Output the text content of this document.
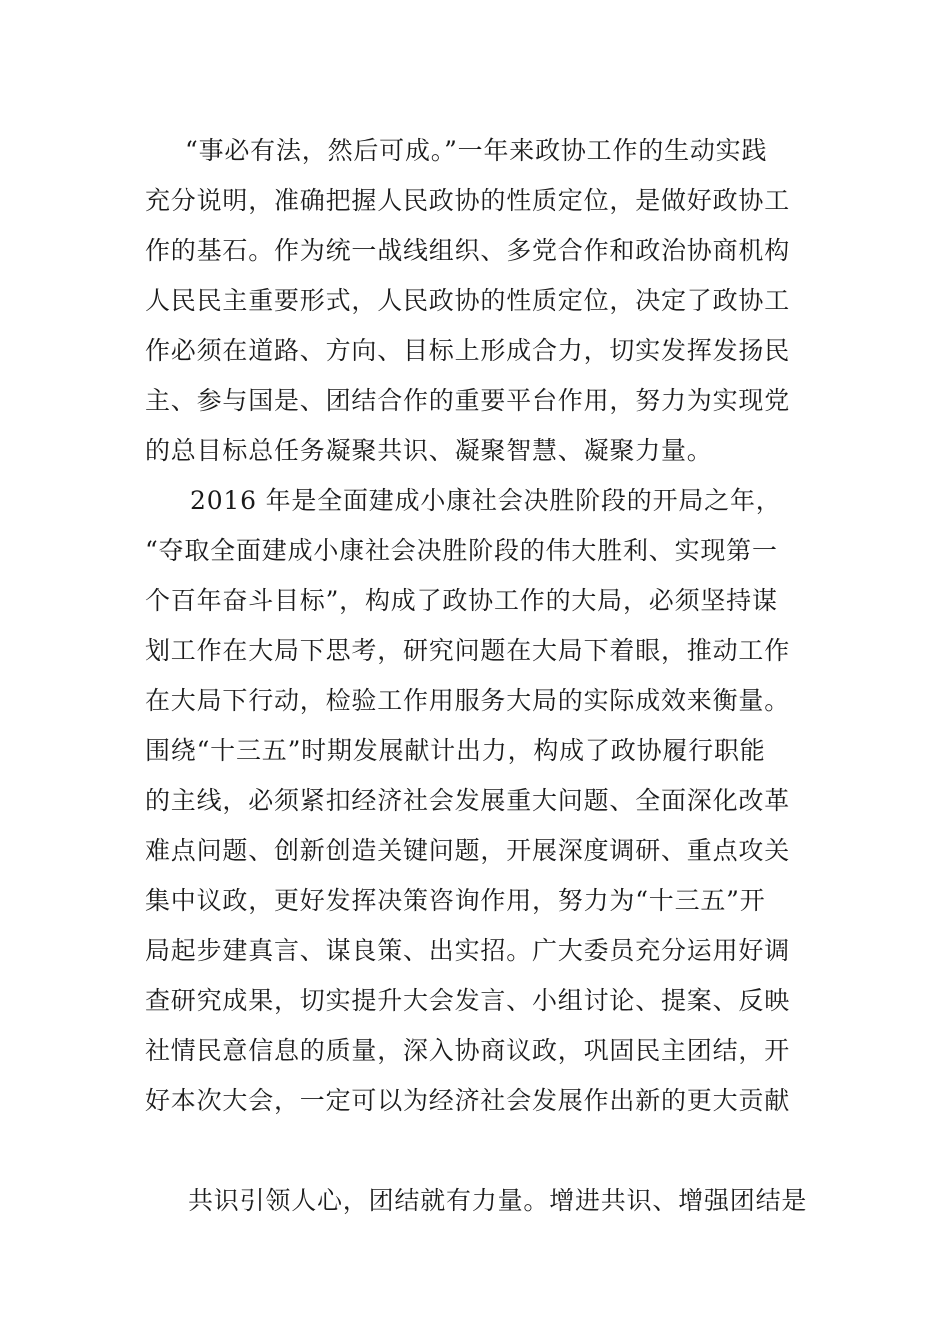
“事必有法，然后可成。”一年来政协工作的生动实践
充分说明，准确把握人民政协的性质定位，是做好政协工
作的基石。作为统一战线组织、多党合作和政治协商机构
人民民主重要形式，人民政协的性质定位，决定了政协工
作必须在道路、方向、目标上形成合力，切实发挥发扬民
主、参与国是、团结合作的重要平台作用，努力为实现党
的总目标总任务凝聚共识、凝聚智慧、凝聚力量。
2016 年是全面建成小康社会决胜阶段的开局之年，
“夺取全面建成小康社会决胜阶段的伟大胜利、实现第一
个百年奋斗目标”，构成了政协工作的大局，必须坚持谋
划工作在大局下思考，研究问题在大局下着眼，推动工作
在大局下行动，检验工作用服务大局的实际成效来衡量。
围绕“十三五”时期发展献计出力，构成了政协履行职能
的主线，必须紧扣经济社会发展重大问题、全面深化改革
难点问题、创新创造关键问题，开展深度调研、重点攻关
集中议政，更好发挥决策咨询作用，努力为“十三五”开
局起步建真言、谋良策、出实招。广大委员充分运用好调
查研究成果，切实提升大会发言、小组讨论、提案、反映
社情民意信息的质量，深入协商议政，巩固民主团结，开
好本次大会，一定可以为经济社会发展作出新的更大贡献
共识引领人心，团结就有力量。增进共识、增强团结是
